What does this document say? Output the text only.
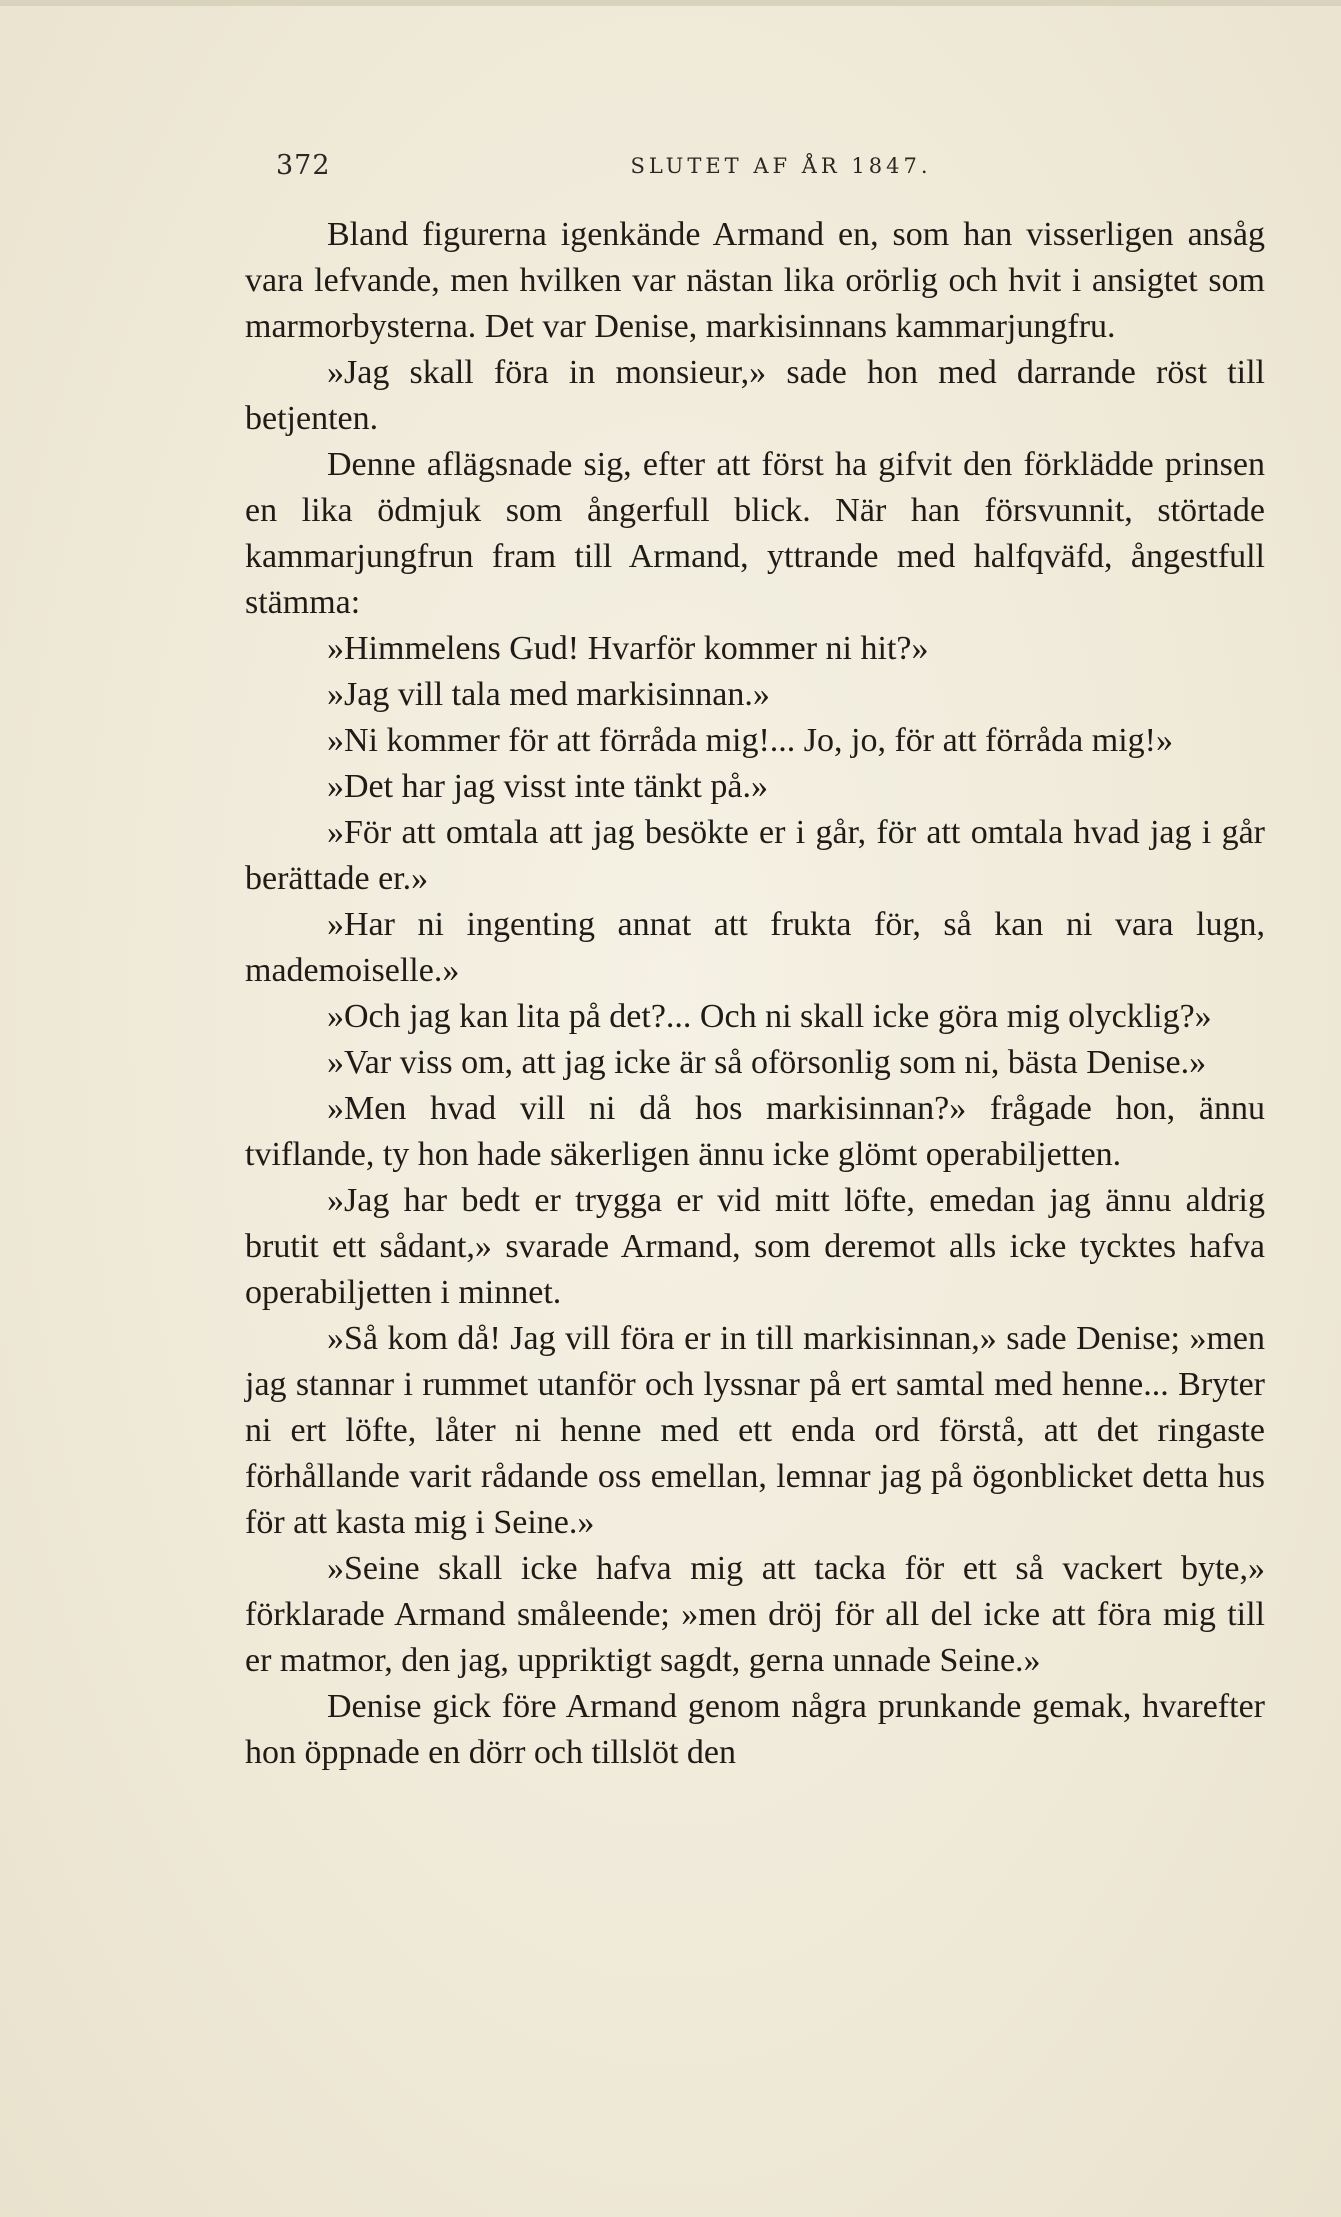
372	SLUTET AF ÅR 1847.

Bland figurerna igenkände Armand en, som han visserligen ansåg vara lefvande, men hvilken var nästan lika orörlig och hvit i ansigtet som marmorbysterna. Det var Denise, markisinnans kammarjungfru.

»Jag skall föra in monsieur,» sade hon med darrande röst till betjenten.

Denne aflägsnade sig, efter att först ha gifvit den förklädde prinsen en lika ödmjuk som ångerfull blick. När han försvunnit, störtade kammarjungfrun fram till Armand, yttrande med halfqväfd, ångestfull stämma:

»Himmelens Gud! Hvarför kommer ni hit?»

»Jag vill tala med markisinnan.»

»Ni kommer för att förråda mig!... Jo, jo, för att förråda mig!»

»Det har jag visst inte tänkt på.»

»För att omtala att jag besökte er i går, för att omtala hvad jag i går berättade er.»

»Har ni ingenting annat att frukta för, så kan ni vara lugn, mademoiselle.»

»Och jag kan lita på det?... Och ni skall icke göra mig olycklig?»

»Var viss om, att jag icke är så oförsonlig som ni, bästa Denise.»

»Men hvad vill ni då hos markisinnan?» frågade hon, ännu tviflande, ty hon hade säkerligen ännu icke glömt operabiljetten.

»Jag har bedt er trygga er vid mitt löfte, emedan jag ännu aldrig brutit ett sådant,» svarade Armand, som deremot alls icke tycktes hafva operabiljetten i minnet.

»Så kom då! Jag vill föra er in till markisinnan,» sade Denise; »men jag stannar i rummet utanför och lyssnar på ert samtal med henne... Bryter ni ert löfte, låter ni henne med ett enda ord förstå, att det ringaste förhållande varit rådande oss emellan, lemnar jag på ögonblicket detta hus för att kasta mig i Seine.»

»Seine skall icke hafva mig att tacka för ett så vackert byte,» förklarade Armand småleende; »men dröj för all del icke att föra mig till er matmor, den jag, uppriktigt sagdt, gerna unnade Seine.»

Denise gick före Armand genom några prunkande gemak, hvarefter hon öppnade en dörr och tillslöt den
